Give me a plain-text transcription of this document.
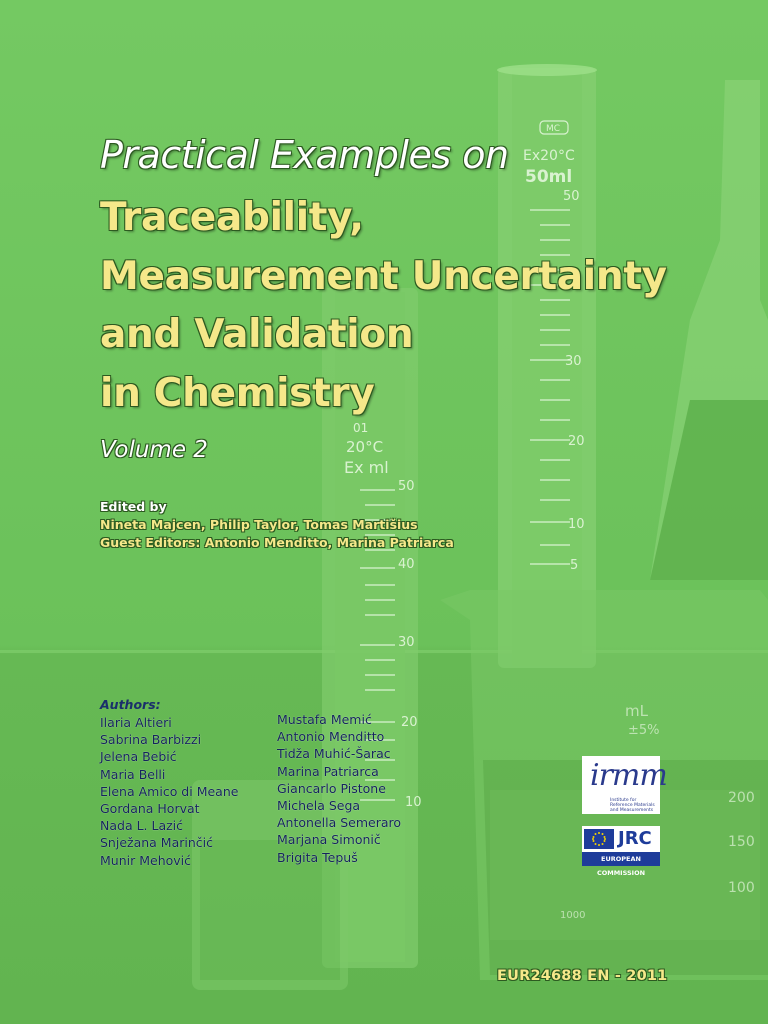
MC
Ex20°C
50ml
50
30
20
10
5
01
20°C
Ex ml
50
40
30
20
10
mL
±5%
200
150
100
1000
Practical Examples on
Traceability,
Measurement Uncertainty
and Validation
in Chemistry
Volume 2
Edited by
Nineta Majcen, Philip Taylor, Tomas Martišius
Guest Editors: Antonio Menditto, Marina Patriarca
Authors:
Ilaria Altieri
Sabrina Barbizzi
Jelena Bebić
Maria Belli
Elena Amico di Meane
Gordana Horvat
Nada L. Lazić
Snježana Marinčić
Munir Mehović
Mustafa Memić
Antonio Menditto
Tidža Muhić-Šarac
Marina Patriarca
Giancarlo Pistone
Michela Sega
Antonella Semeraro
Marjana Simonič
Brigita Tepuš
irmm
Institute for Reference Materials and Measurements
JRC
EUROPEAN COMMISSION
EUR24688 EN - 2011
